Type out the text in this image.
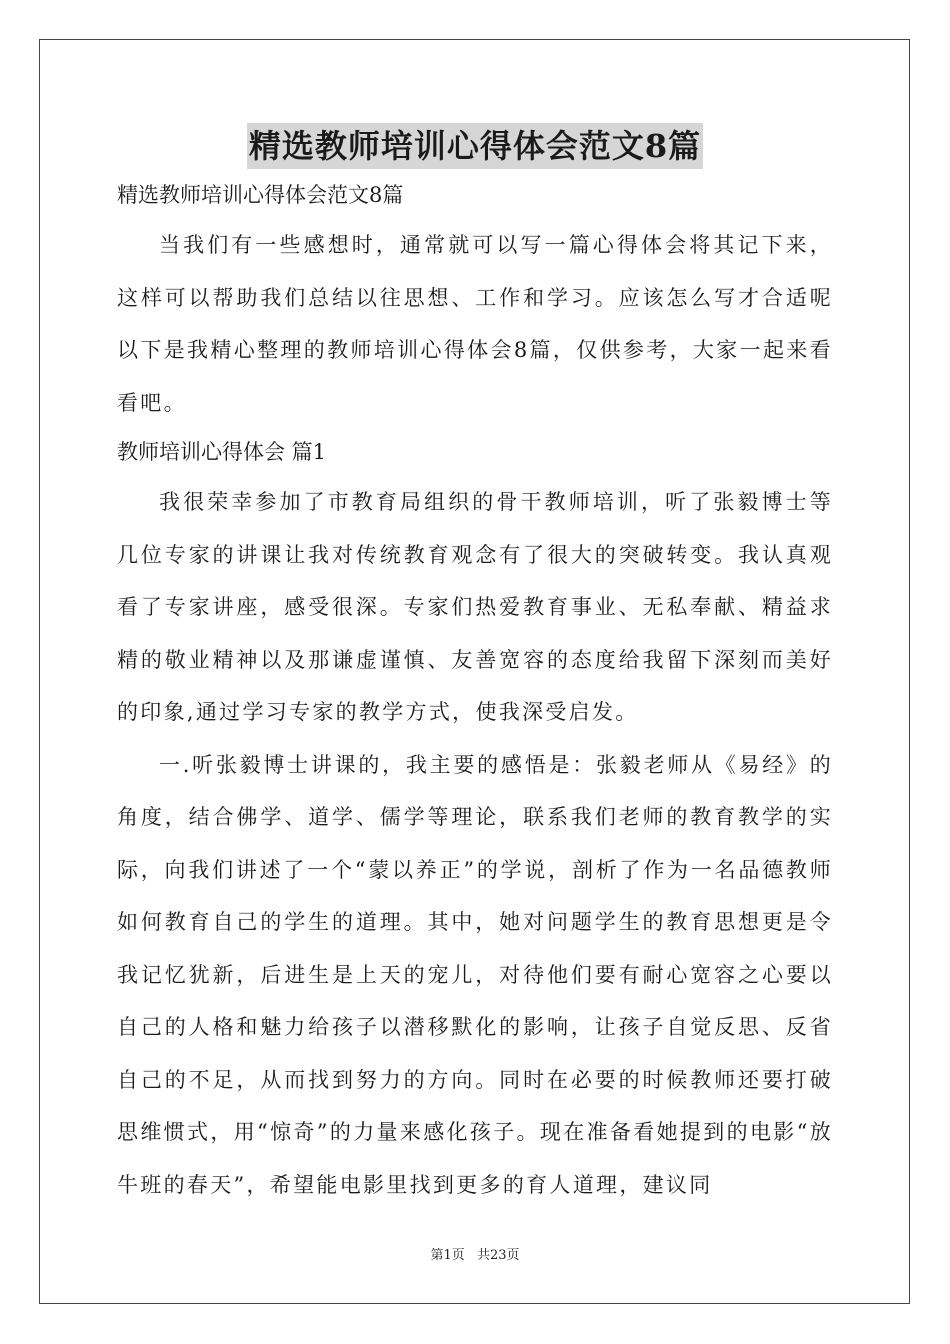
精选教师培训心得体会范文8篇
精选教师培训心得体会范文8篇

当我们有一些感想时，通常就可以写一篇心得体会将其记下来，这样可以帮助我们总结以往思想、工作和学习。应该怎么写才合适呢以下是我精心整理的教师培训心得体会8篇，仅供参考，大家一起来看看吧。

教师培训心得体会 篇1

我很荣幸参加了市教育局组织的骨干教师培训，听了张毅博士等几位专家的讲课让我对传统教育观念有了很大的突破转变。我认真观看了专家讲座，感受很深。专家们热爱教育事业、无私奉献、精益求精的敬业精神以及那谦虚谨慎、友善宽容的态度给我留下深刻而美好的印象,通过学习专家的教学方式，使我深受启发。

一.听张毅博士讲课的，我主要的感悟是：张毅老师从《易经》的角度，结合佛学、道学、儒学等理论，联系我们老师的教育教学的实际，向我们讲述了一个“蒙以养正”的学说，剖析了作为一名品德教师如何教育自己的学生的道理。其中，她对问题学生的教育思想更是令我记忆犹新，后进生是上天的宠儿，对待他们要有耐心宽容之心要以自己的人格和魅力给孩子以潜移默化的影响，让孩子自觉反思、反省自己的不足，从而找到努力的方向。同时在必要的时候教师还要打破思维惯式，用“惊奇”的力量来感化孩子。现在准备看她提到的电影“放牛班的春天”，希望能电影里找到更多的育人道理，建议同

第1页 共23页
